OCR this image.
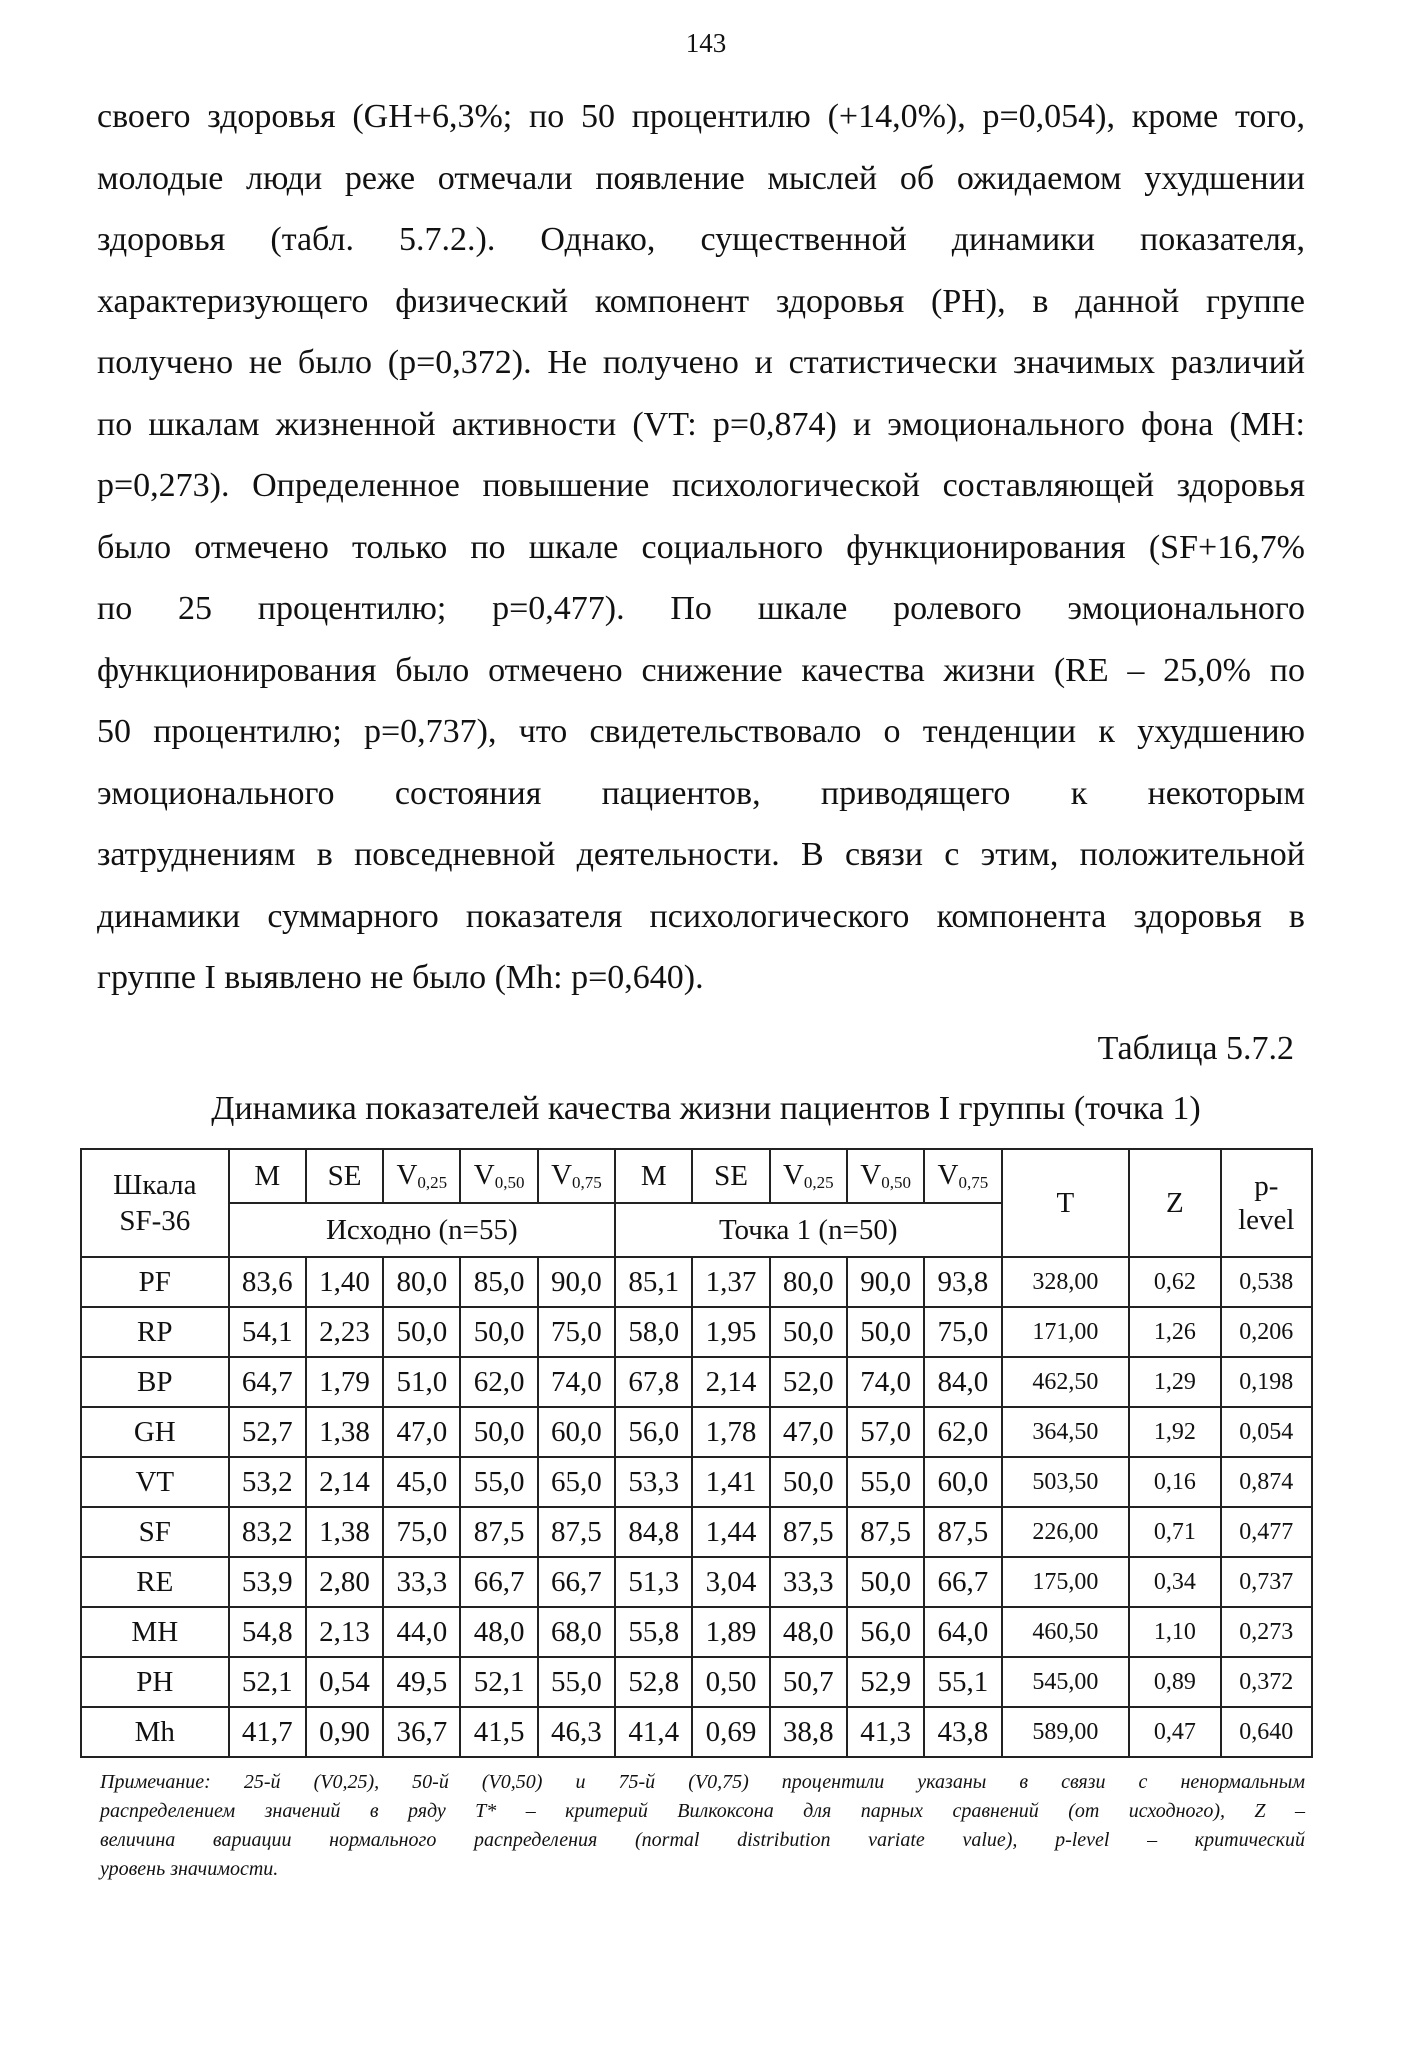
143
своего здоровья (GH+6,3%; по 50 процентилю (+14,0%), р=0,054), кроме того,
молодые люди реже отмечали появление мыслей об ожидаемом ухудшении
здоровья (табл. 5.7.2.). Однако, существенной динамики показателя,
характеризующего физический компонент здоровья (PH), в данной группе
получено не было (р=0,372). Не получено и статистически значимых различий
по шкалам жизненной активности (VT: р=0,874) и эмоционального фона (MH:
р=0,273). Определенное повышение психологической составляющей здоровья
было отмечено только по шкале социального функционирования (SF+16,7%
по 25 процентилю; р=0,477). По шкале ролевого эмоционального
функционирования было отмечено снижение качества жизни (RE – 25,0% по
50 процентилю; р=0,737), что свидетельствовало о тенденции к ухудшению
эмоционального состояния пациентов, приводящего к некоторым
затруднениям в повседневной деятельности. В связи с этим, положительной
динамики суммарного показателя психологического компонента здоровья в
группе I выявлено не было (Mh: р=0,640).
Таблица 5.7.2
Динамика показателей качества жизни пациентов I группы (точка 1)
Шкала
SF-36	M	SE	$V_{0,25}$	$V_{0,50}$	$V_{0,75}$	M	SE	$V_{0,25}$	$V_{0,50}$	$V_{0,75}$	T	Z	p-
level
	Исходно (n=55)					Точка 1 (n=50)							
PF	83,6	1,40	80,0	85,0	90,0	85,1	1,37	80,0	90,0	93,8	328,00	0,62	0,538
RP	54,1	2,23	50,0	50,0	75,0	58,0	1,95	50,0	50,0	75,0	171,00	1,26	0,206
BP	64,7	1,79	51,0	62,0	74,0	67,8	2,14	52,0	74,0	84,0	462,50	1,29	0,198
GH	52,7	1,38	47,0	50,0	60,0	56,0	1,78	47,0	57,0	62,0	364,50	1,92	0,054
VT	53,2	2,14	45,0	55,0	65,0	53,3	1,41	50,0	55,0	60,0	503,50	0,16	0,874
SF	83,2	1,38	75,0	87,5	87,5	84,8	1,44	87,5	87,5	87,5	226,00	0,71	0,477
RE	53,9	2,80	33,3	66,7	66,7	51,3	3,04	33,3	50,0	66,7	175,00	0,34	0,737
MH	54,8	2,13	44,0	48,0	68,0	55,8	1,89	48,0	56,0	64,0	460,50	1,10	0,273
PH	52,1	0,54	49,5	52,1	55,0	52,8	0,50	50,7	52,9	55,1	545,00	0,89	0,372
Mh	41,7	0,90	36,7	41,5	46,3	41,4	0,69	38,8	41,3	43,8	589,00	0,47	0,640
Примечание: 25-й (V0,25), 50-й (V0,50) и 75-й (V0,75) процентили указаны в связи с ненормальным
распределением значений в ряду T* – критерий Вилкоксона для парных сравнений (от исходного), Z –
величина вариации нормального распределения (normal distribution variate value), p-level – критический
уровень значимости.
